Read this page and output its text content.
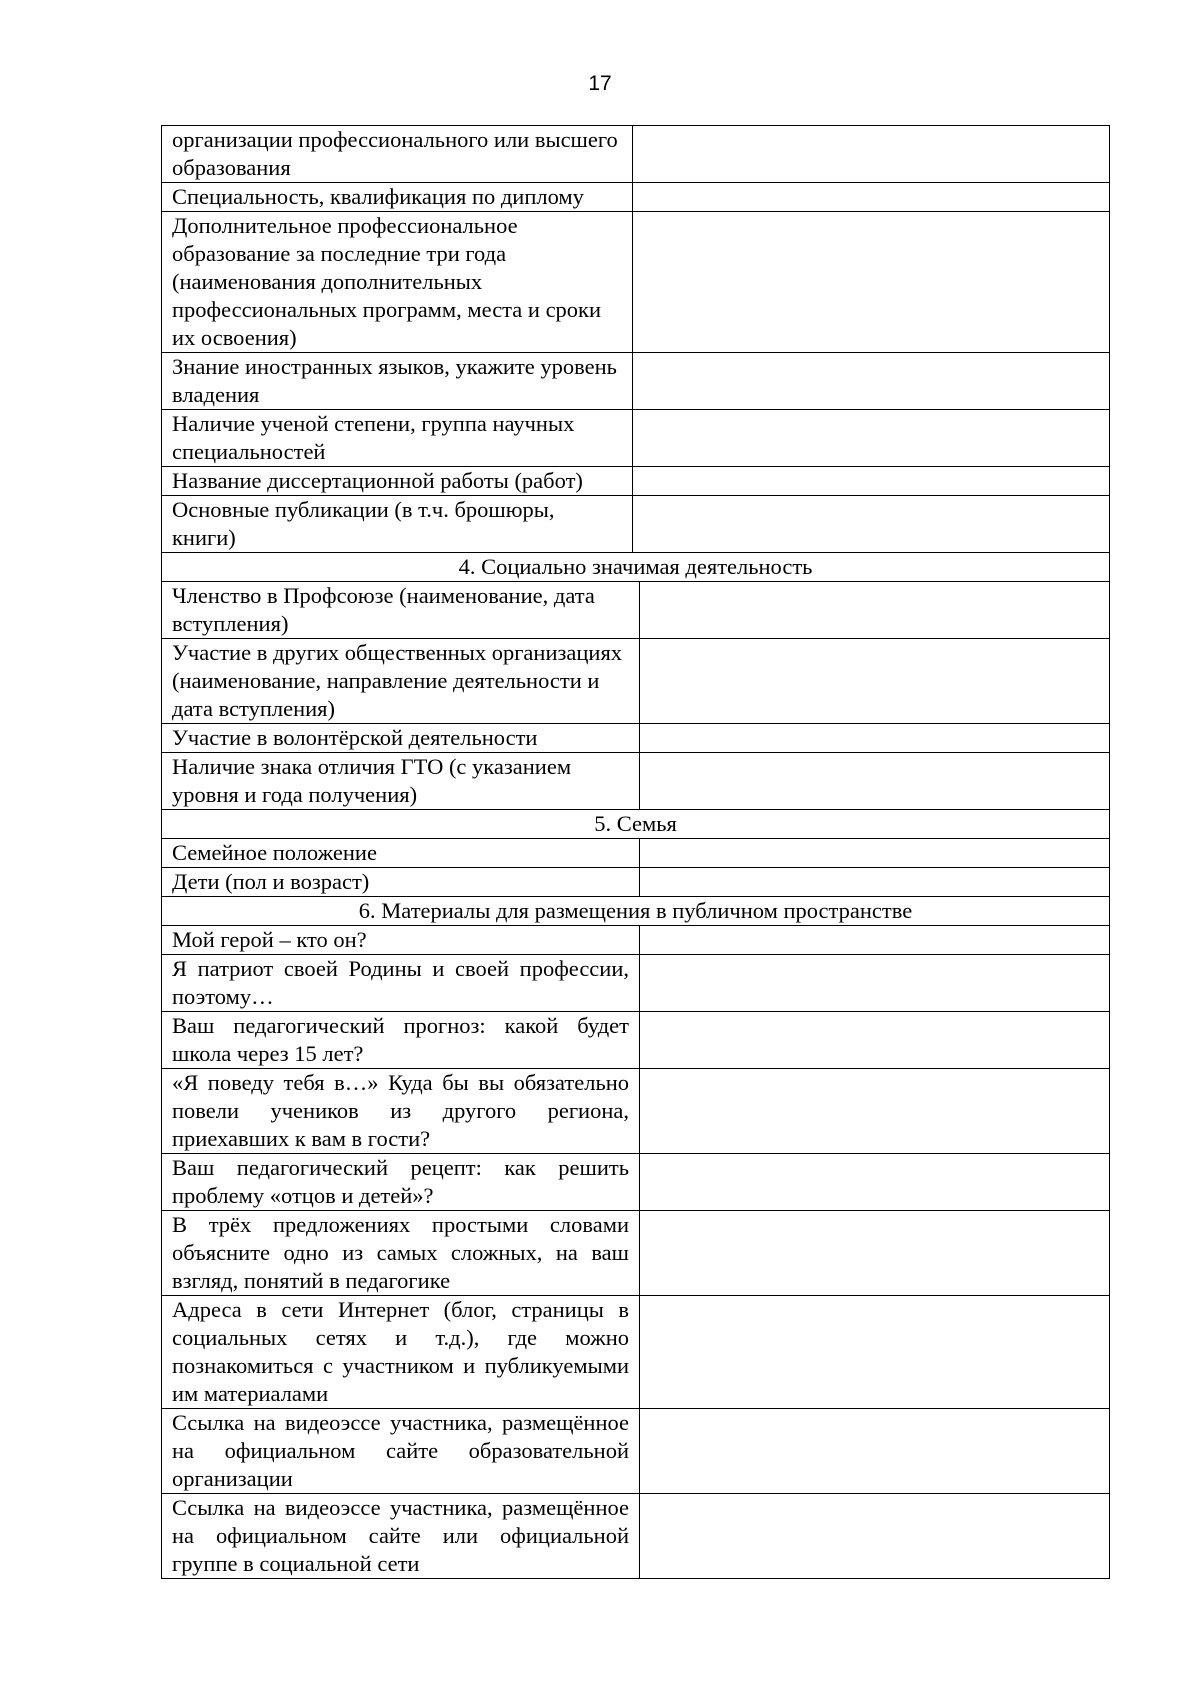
17
организации профессионального или высшего образования
Специальность, квалификация по диплому
Дополнительное профессиональное образование за последние три года (наименования дополнительных профессиональных программ, места и сроки их освоения)
Знание иностранных языков, укажите уровень владения
Наличие ученой степени, группа научных специальностей
Название диссертационной работы (работ)
Основные публикации (в т.ч. брошюры, книги)
4. Социально значимая деятельность
Членство в Профсоюзе (наименование, дата вступления)
Участие в других общественных организациях (наименование, направление деятельности и дата вступления)
Участие в волонтёрской деятельности
Наличие знака отличия ГТО (с указанием уровня и года получения)
5. Семья
Семейное положение
Дети (пол и возраст)
6. Материалы для размещения в публичном пространстве
Мой герой – кто он?
Я патриот своей Родины и своей профессии, поэтому…
Ваш педагогический прогноз: какой будет школа через 15 лет?
«Я поведу тебя в…» Куда бы вы обязательно повели учеников из другого региона, приехавших к вам в гости?
Ваш педагогический рецепт: как решить проблему «отцов и детей»?
В трёх предложениях простыми словами объясните одно из самых сложных, на ваш взгляд, понятий в педагогике
Адреса в сети Интернет (блог, страницы в социальных сетях и т.д.), где можно познакомиться с участником и публикуемыми им материалами
Ссылка на видеоэссе участника, размещённое на официальном сайте образовательной организации
Ссылка на видеоэссе участника, размещённое на официальном сайте или официальной группе в социальной сети
